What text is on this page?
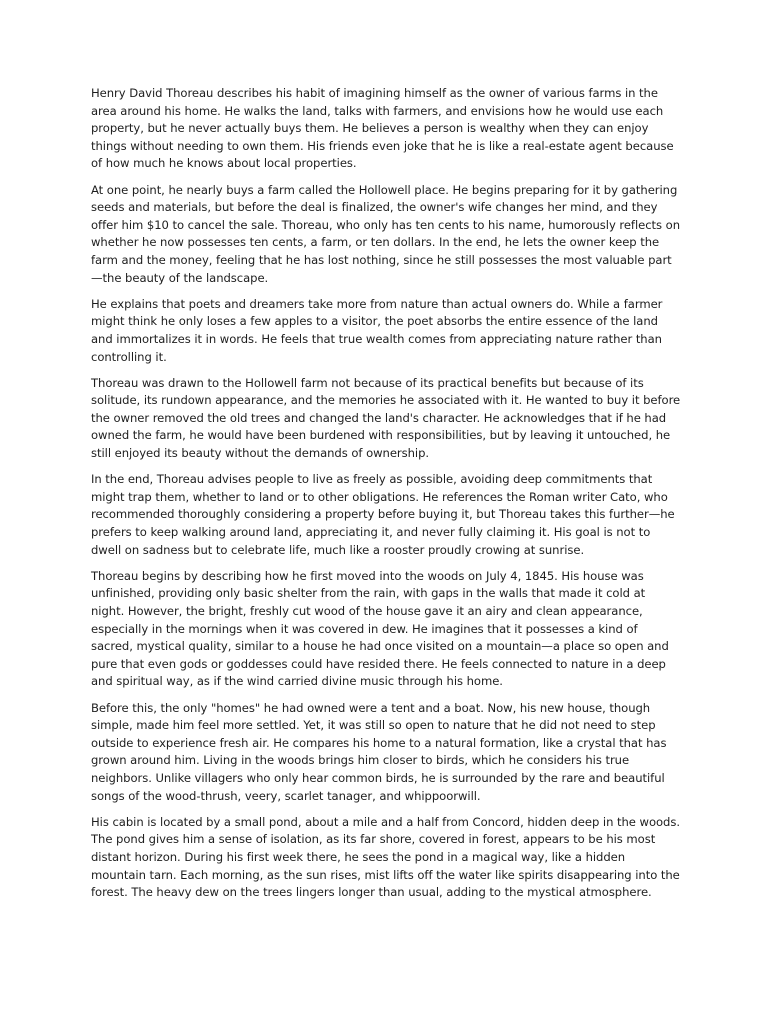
Henry David Thoreau describes his habit of imagining himself as the owner of various farms in the area around his home. He walks the land, talks with farmers, and envisions how he would use each property, but he never actually buys them. He believes a person is wealthy when they can enjoy things without needing to own them. His friends even joke that he is like a real-estate agent because of how much he knows about local properties.

At one point, he nearly buys a farm called the Hollowell place. He begins preparing for it by gathering seeds and materials, but before the deal is finalized, the owner's wife changes her mind, and they offer him $10 to cancel the sale. Thoreau, who only has ten cents to his name, humorously reflects on whether he now possesses ten cents, a farm, or ten dollars. In the end, he lets the owner keep the farm and the money, feeling that he has lost nothing, since he still possesses the most valuable part—the beauty of the landscape.

He explains that poets and dreamers take more from nature than actual owners do. While a farmer might think he only loses a few apples to a visitor, the poet absorbs the entire essence of the land and immortalizes it in words. He feels that true wealth comes from appreciating nature rather than controlling it.

Thoreau was drawn to the Hollowell farm not because of its practical benefits but because of its solitude, its rundown appearance, and the memories he associated with it. He wanted to buy it before the owner removed the old trees and changed the land's character. He acknowledges that if he had owned the farm, he would have been burdened with responsibilities, but by leaving it untouched, he still enjoyed its beauty without the demands of ownership.

In the end, Thoreau advises people to live as freely as possible, avoiding deep commitments that might trap them, whether to land or to other obligations. He references the Roman writer Cato, who recommended thoroughly considering a property before buying it, but Thoreau takes this further—he prefers to keep walking around land, appreciating it, and never fully claiming it. His goal is not to dwell on sadness but to celebrate life, much like a rooster proudly crowing at sunrise.

Thoreau begins by describing how he first moved into the woods on July 4, 1845. His house was unfinished, providing only basic shelter from the rain, with gaps in the walls that made it cold at night. However, the bright, freshly cut wood of the house gave it an airy and clean appearance, especially in the mornings when it was covered in dew. He imagines that it possesses a kind of sacred, mystical quality, similar to a house he had once visited on a mountain—a place so open and pure that even gods or goddesses could have resided there. He feels connected to nature in a deep and spiritual way, as if the wind carried divine music through his home.

Before this, the only "homes" he had owned were a tent and a boat. Now, his new house, though simple, made him feel more settled. Yet, it was still so open to nature that he did not need to step outside to experience fresh air. He compares his home to a natural formation, like a crystal that has grown around him. Living in the woods brings him closer to birds, which he considers his true neighbors. Unlike villagers who only hear common birds, he is surrounded by the rare and beautiful songs of the wood-thrush, veery, scarlet tanager, and whippoorwill.

His cabin is located by a small pond, about a mile and a half from Concord, hidden deep in the woods. The pond gives him a sense of isolation, as its far shore, covered in forest, appears to be his most distant horizon. During his first week there, he sees the pond in a magical way, like a hidden mountain tarn. Each morning, as the sun rises, mist lifts off the water like spirits disappearing into the forest. The heavy dew on the trees lingers longer than usual, adding to the mystical atmosphere.
